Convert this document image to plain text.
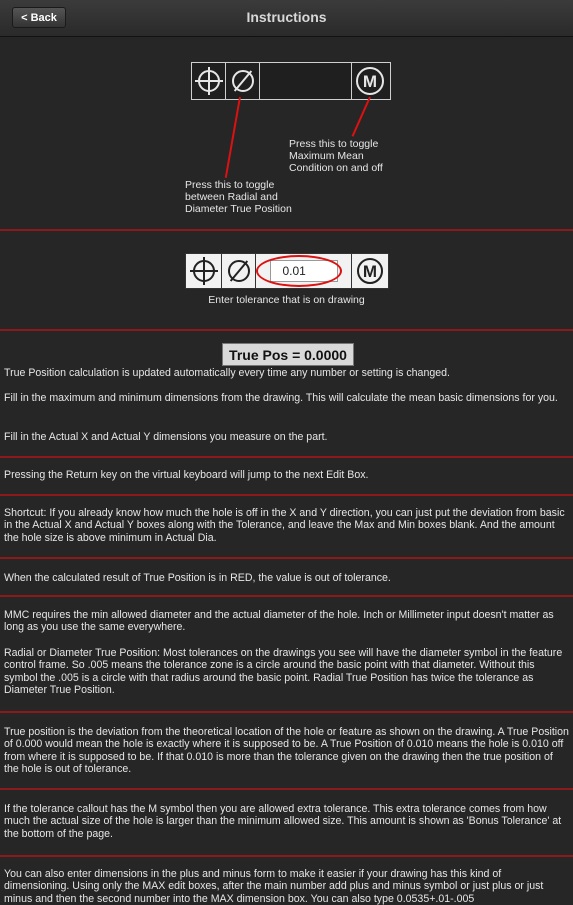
< Back	Instructions
M
Press this to toggle
Maximum Mean
Condition on and off
Press this to toggle
between Radial and
Diameter True Position
0.01	M
Enter tolerance that is on drawing
True Pos = 0.0000

True Position calculation is updated automatically every time any number or setting is changed.

Fill in the maximum and minimum dimensions from the drawing. This will calculate the mean basic dimensions for you.

Fill in the Actual X and Actual Y dimensions you measure on the part.

Pressing the Return key on the virtual keyboard will jump to the next Edit Box.

Shortcut: If you already know how much the hole is off in the X and Y direction, you can just put the deviation from basic in the Actual X and Actual Y boxes along with the Tolerance, and leave the Max and Min boxes blank. And the amount the hole size is above minimum in Actual Dia.

When the calculated result of True Position is in RED, the value is out of tolerance.

MMC requires the min allowed diameter and the actual diameter of the hole. Inch or Millimeter input doesn't matter as long as you use the same everywhere.

Radial or Diameter True Position: Most tolerances on the drawings you see will have the diameter symbol in the feature control frame. So .005 means the tolerance zone is a circle around the basic point with that diameter. Without this symbol the .005 is a circle with that radius around the basic point. Radial True Position has twice the tolerance as Diameter True Position.

True position is the deviation from the theoretical location of the hole or feature as shown on the drawing. A True Position of 0.000 would mean the hole is exactly where it is supposed to be. A True Position of 0.010 means the hole is 0.010 off from where it is supposed to be. If that 0.010 is more than the tolerance given on the drawing then the true position of the hole is out of tolerance.

If the tolerance callout has the M symbol then you are allowed extra tolerance. This extra tolerance comes from how much the actual size of the hole is larger than the minimum allowed size. This amount is shown as 'Bonus Tolerance' at the bottom of the page.

You can also enter dimensions in the plus and minus form to make it easier if your drawing has this kind of dimensioning. Using only the MAX edit boxes, after the main number add plus and minus symbol or just plus or just minus and then the second number into the MAX dimension box. You can also type 0.0535+.01-.005
